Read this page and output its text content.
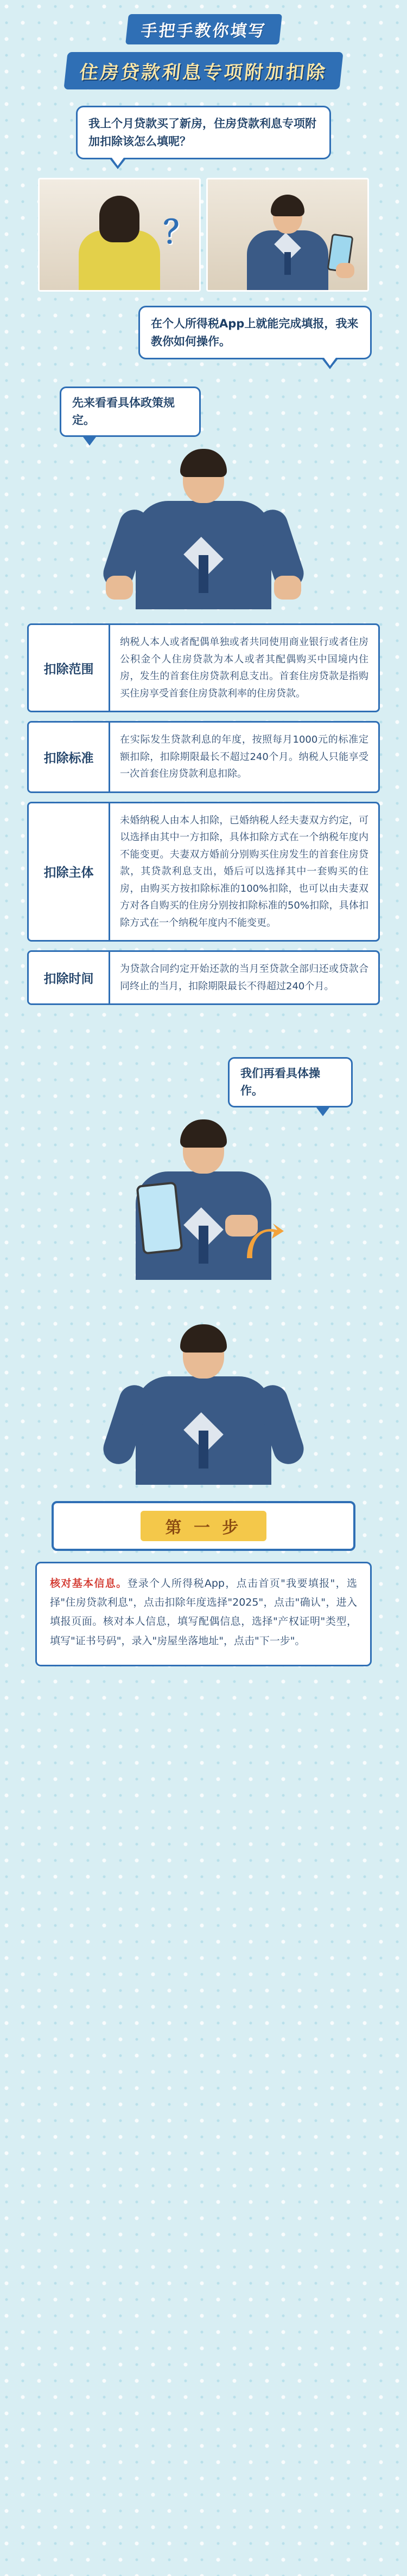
手把手教你填写
住房贷款利息专项附加扣除
我上个月贷款买了新房，住房贷款利息专项附加扣除该怎么填呢？
？
在个人所得税App上就能完成填报，我来教你如何操作。
先来看看具体政策规定。
扣除范围
纳税人本人或者配偶单独或者共同使用商业银行或者住房公积金个人住房贷款为本人或者其配偶购买中国境内住房，发生的首套住房贷款利息支出。首套住房贷款是指购买住房享受首套住房贷款利率的住房贷款。
扣除标准
在实际发生贷款利息的年度，按照每月1000元的标准定额扣除，扣除期限最长不超过240个月。纳税人只能享受一次首套住房贷款利息扣除。
扣除主体
未婚纳税人由本人扣除，已婚纳税人经夫妻双方约定，可以选择由其中一方扣除，具体扣除方式在一个纳税年度内不能变更。夫妻双方婚前分别购买住房发生的首套住房贷款，其贷款利息支出，婚后可以选择其中一套购买的住房，由购买方按扣除标准的100%扣除，也可以由夫妻双方对各自购买的住房分别按扣除标准的50%扣除，具体扣除方式在一个纳税年度内不能变更。
扣除时间
为贷款合同约定开始还款的当月至贷款全部归还或贷款合同终止的当月，扣除期限最长不得超过240个月。
我们再看具体操作。
第 一 步
核对基本信息。登录个人所得税App，点击首页"我要填报"，选择"住房贷款利息"，点击扣除年度选择"2025"，点击"确认"，进入填报页面。核对本人信息，填写配偶信息，选择"产权证明"类型，填写"证书号码"，录入"房屋坐落地址"，点击"下一步"。
